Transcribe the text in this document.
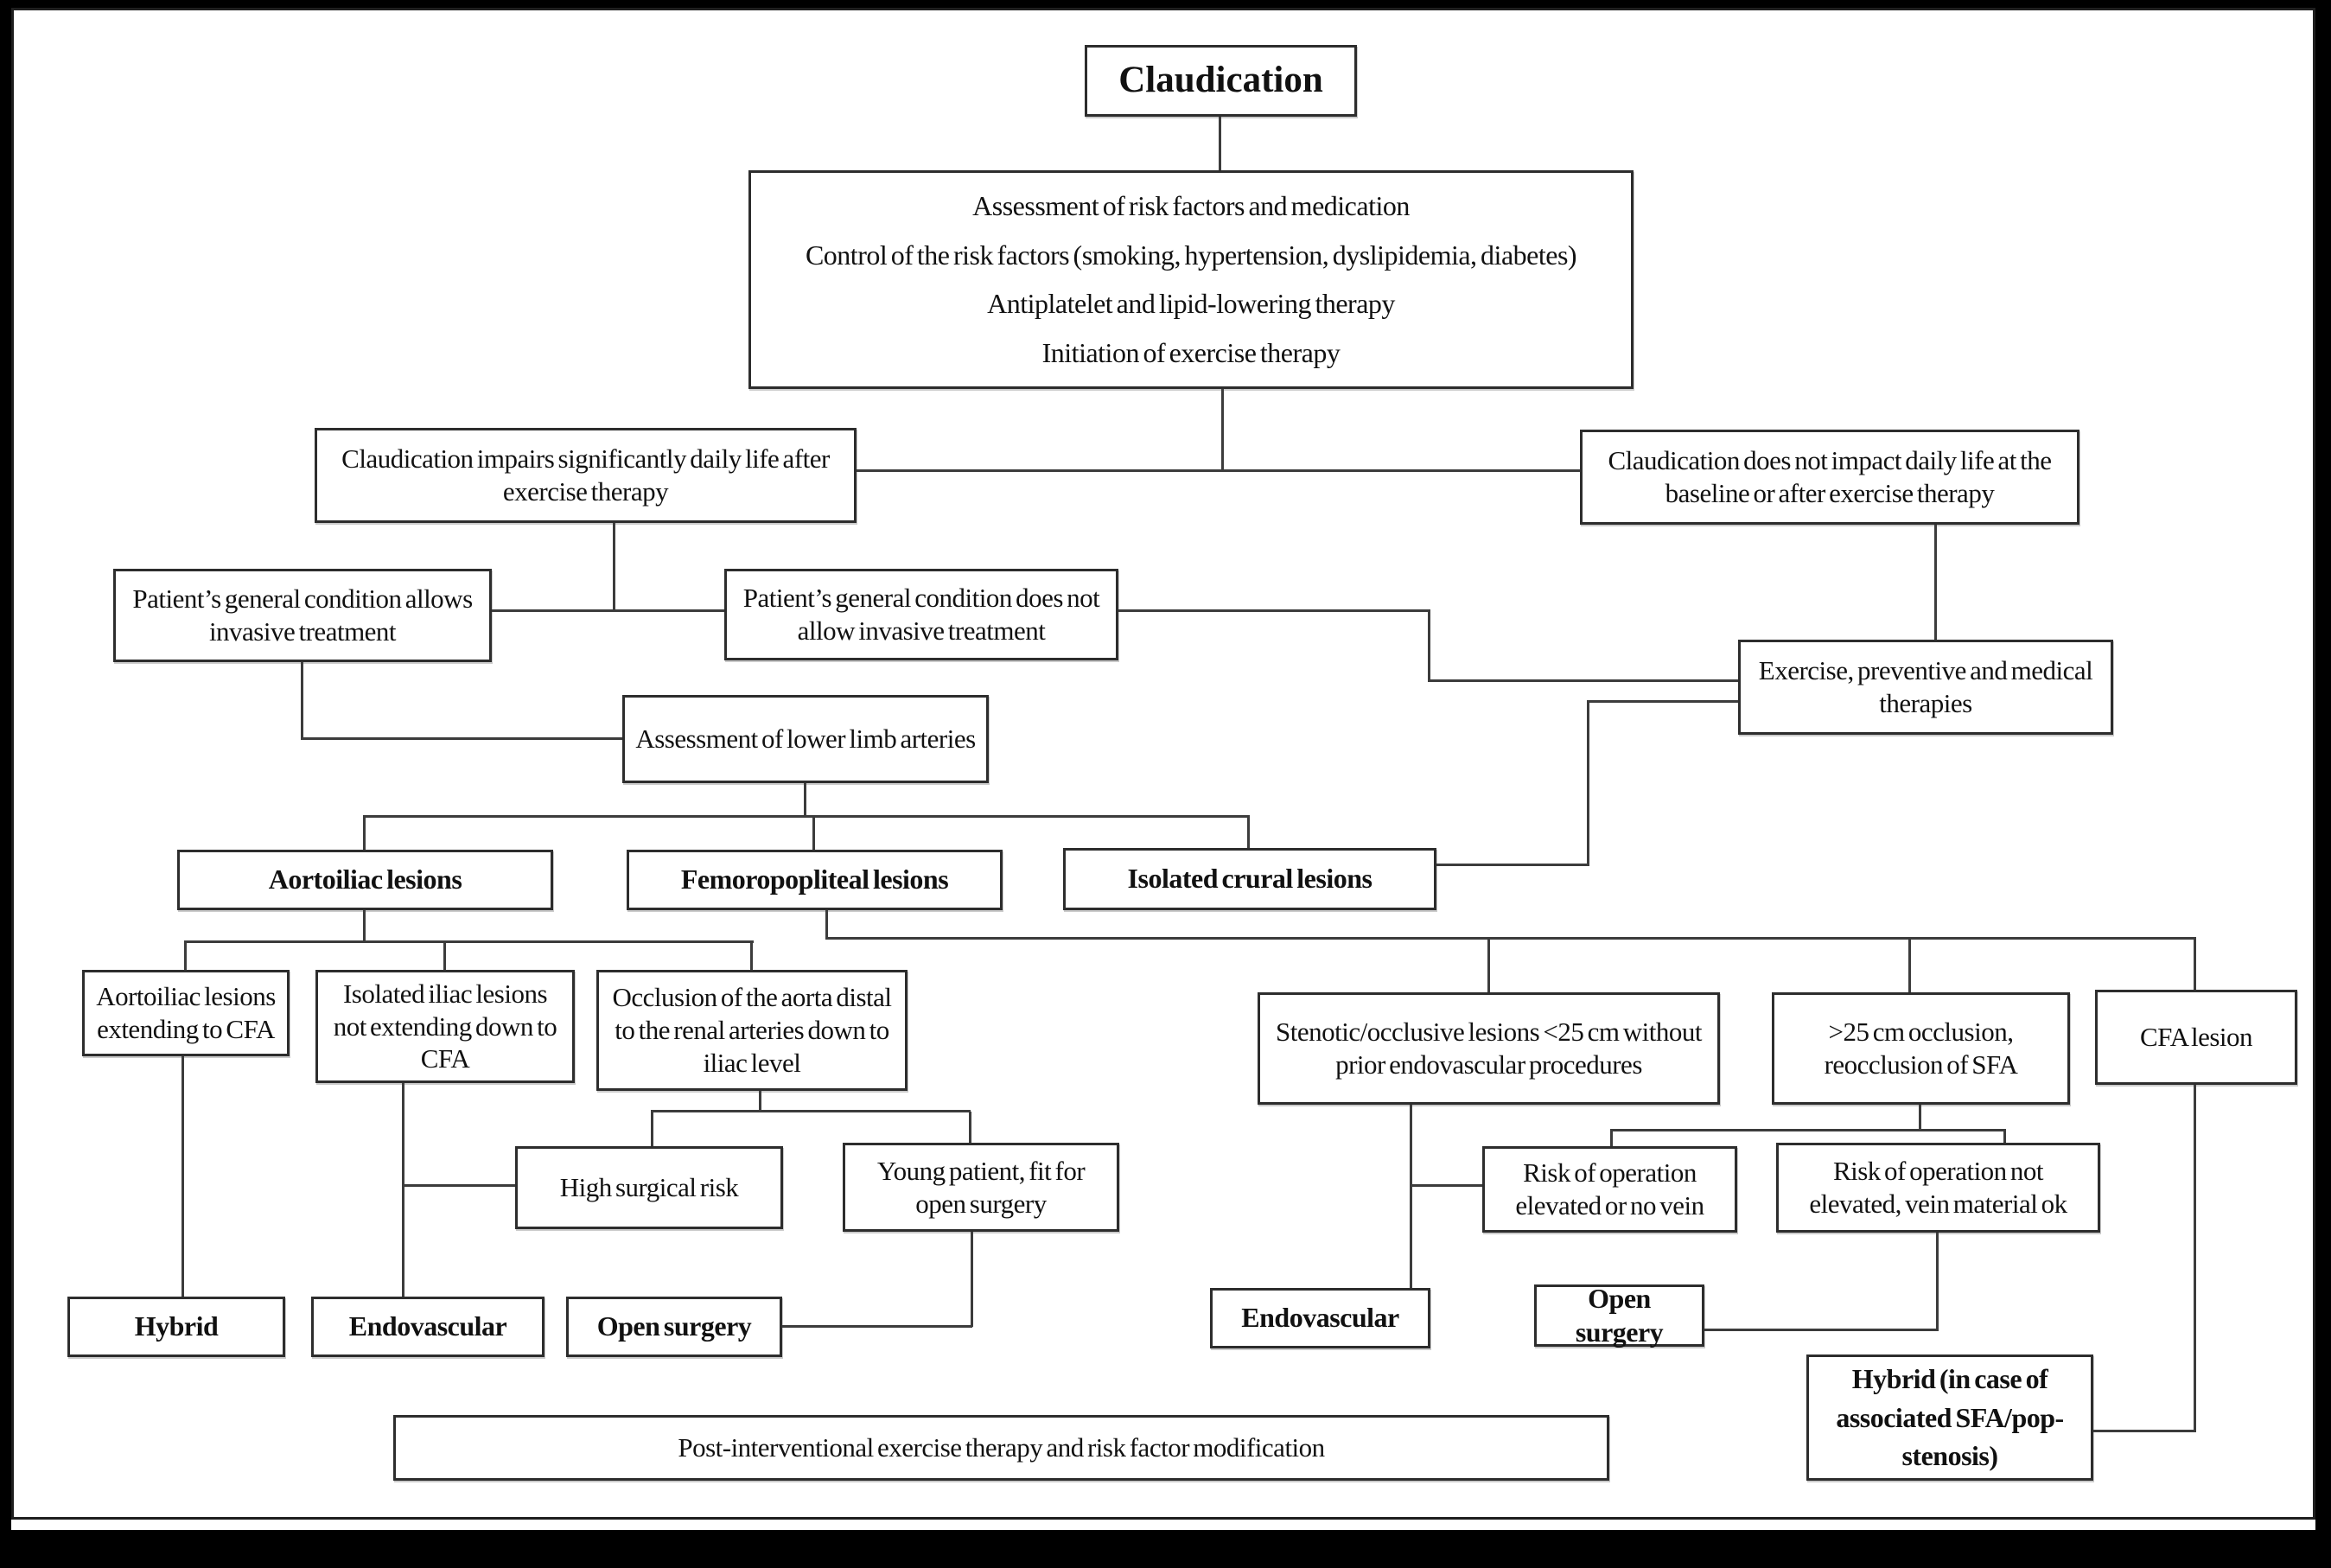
Claudication
Assessment of risk factors and medication
Control of the risk factors (smoking, hypertension, dyslipidemia, diabetes)
Antiplatelet and lipid-lowering therapy
Initiation of exercise therapy
Claudication impairs significantly daily life after exercise therapy
Claudication does not impact daily life at the baseline or after exercise therapy
Patient’s general condition allows invasive treatment
Patient’s general condition does not allow invasive treatment
Exercise, preventive and medical therapies
Assessment of lower limb arteries
Aortoiliac lesions	Femoropopliteal lesions	Isolated crural lesions
Aortoiliac lesions extending to CFA
Isolated iliac lesions not extending down to CFA
Occlusion of the aorta distal to the renal arteries down to iliac level
Stenotic/occlusive lesions <25 cm without prior endovascular procedures
>25 cm occlusion, reocclusion of SFA
CFA lesion
High surgical risk
Young patient, fit for open surgery
Risk of operation elevated or no vein
Risk of operation not elevated, vein material ok
Hybrid	Endovascular	Open surgery	Endovascular
Open surgery
Hybrid (in case of associated SFA/pop- stenosis)
Post-interventional exercise therapy and risk factor modification
